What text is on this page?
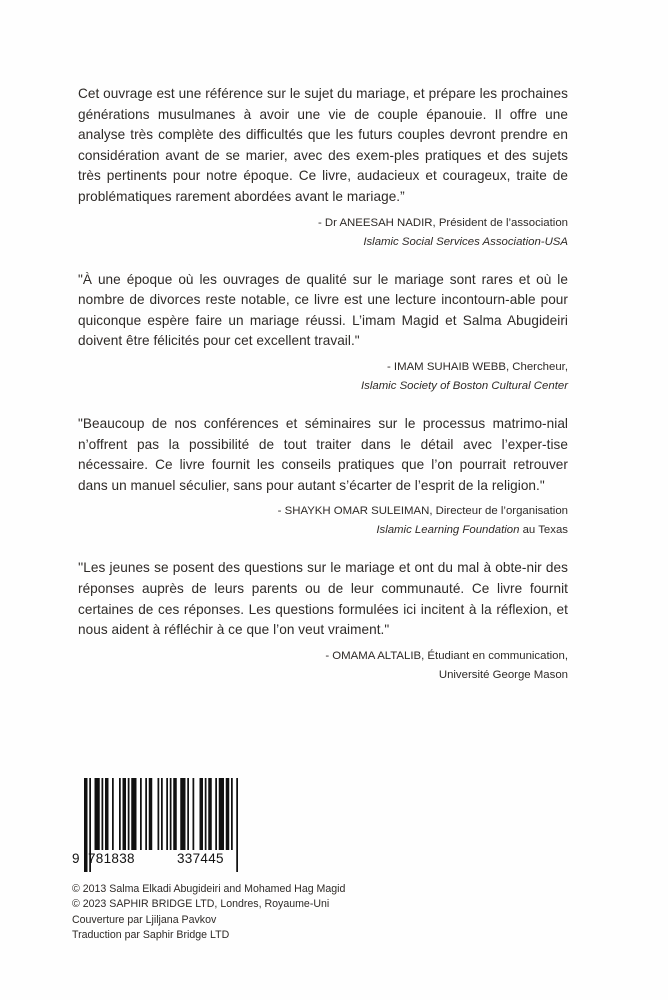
Cet ouvrage est une référence sur le sujet du mariage, et prépare les prochaines générations musulmanes à avoir une vie de couple épanouie. Il offre une analyse très complète des difficultés que les futurs couples devront prendre en considération avant de se marier, avec des exem-ples pratiques et des sujets très pertinents pour notre époque. Ce livre, audacieux et courageux, traite de problématiques rarement abordées avant le mariage.”

- Dr ANEESAH NADIR, Président de l’association
Islamic Social Services Association-USA

"À une époque où les ouvrages de qualité sur le mariage sont rares et où le nombre de divorces reste notable, ce livre est une lecture incontourn-able pour quiconque espère faire un mariage réussi. L’imam Magid et Salma Abugideiri doivent être félicités pour cet excellent travail."

- IMAM SUHAIB WEBB, Chercheur,
Islamic Society of Boston Cultural Center

"Beaucoup de nos conférences et séminaires sur le processus matrimo-nial n’offrent pas la possibilité de tout traiter dans le détail avec l’exper-tise nécessaire. Ce livre fournit les conseils pratiques que l’on pourrait retrouver dans un manuel séculier, sans pour autant s’écarter de l’esprit de la religion."

- SHAYKH OMAR SULEIMAN, Directeur de l’organisation
Islamic Learning Foundation au Texas

''Les jeunes se posent des questions sur le mariage et ont du mal à obte-nir des réponses auprès de leurs parents ou de leur communauté. Ce livre fournit certaines de ces réponses. Les questions formulées ici incitent à la réflexion, et nous aident à réfléchir à ce que l’on veut vraiment."

- OMAMA ALTALIB, Étudiant en communication,
Université George Mason
9 781838	337445
© 2013 Salma Elkadi Abugideiri and Mohamed Hag Magid
© 2023 SAPHIR BRIDGE LTD, Londres, Royaume-Uni
Couverture par Ljiljana Pavkov
Traduction par Saphir Bridge LTD
